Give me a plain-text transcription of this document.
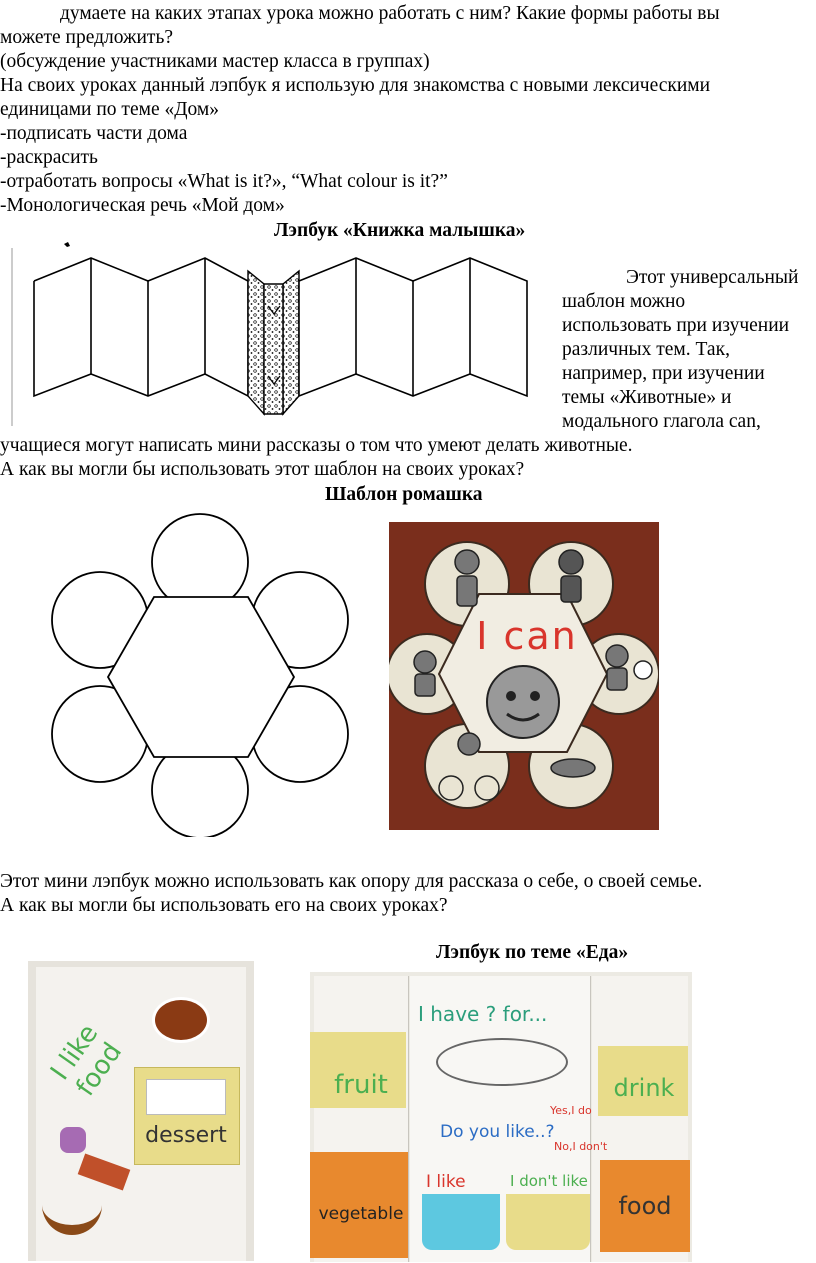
думаете на каких этапах урока можно работать с ним? Какие формы работы вы
можете предложить?
(обсуждение участниками мастер класса в группах)
На своих уроках данный лэпбук я использую для знакомства с новыми лексическими
единицами по теме «Дом»
-подписать части дома
-раскрасить
-отработать вопросы «What is it?», “What colour is it?”
-Монологическая речь «Мой дом»
Лэпбук «Книжка малышка»
Этот универсальный
шаблон можно
использовать при изучении
различных тем. Так,
например, при изучении
темы «Животные» и
модального глагола can,
учащиеся могут написать мини рассказы о том что умеют делать животные.
А как вы могли бы использовать этот шаблон на своих уроках?
Шаблон ромашка
I can
Этот мини лэпбук можно использовать как опору для рассказа о себе, о своей семье.
А как вы могли бы использовать его на своих уроках?
Лэпбук по теме «Еда»
I like food
dessert
I have ? for...
fruit
vegetable
drink
food
Do you like..?
Yes,I do
No,I don't
I like	I don't like
